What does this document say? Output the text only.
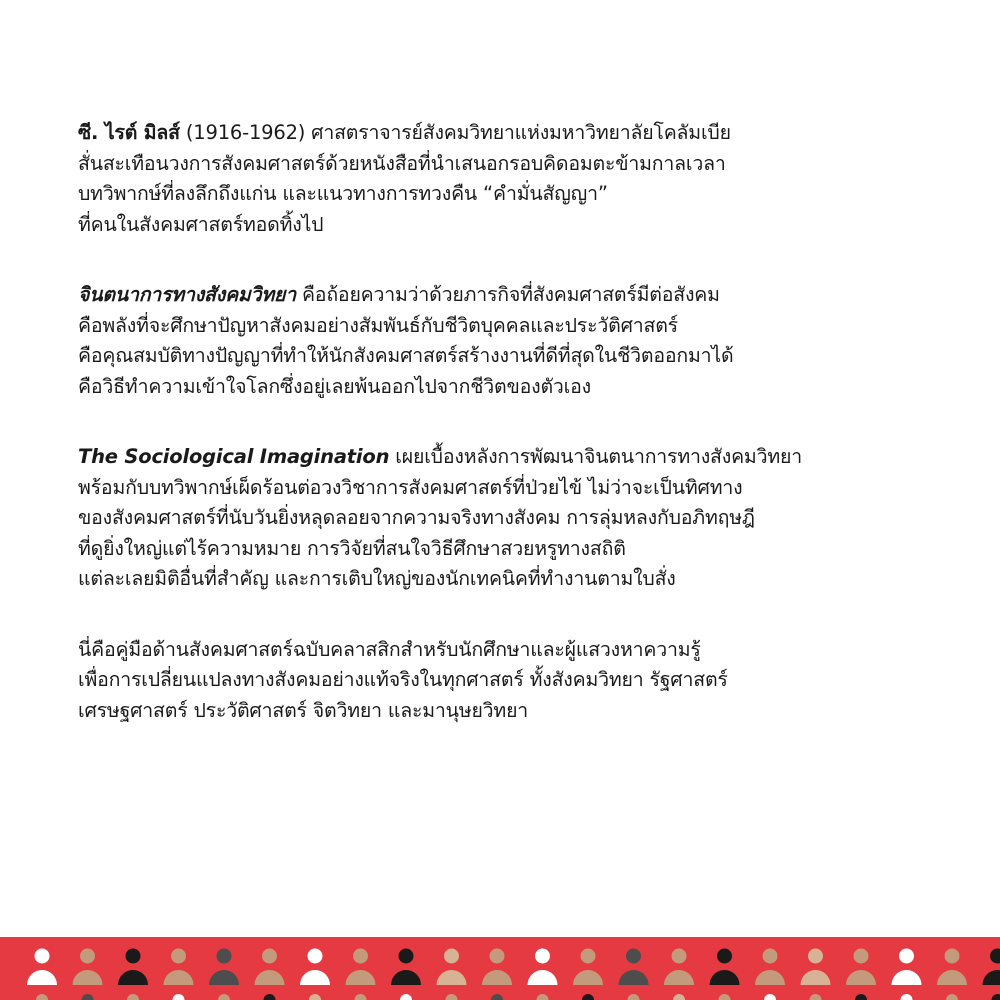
ซี. ไรต์ มิลส์ (1916-1962) ศาสตราจารย์สังคมวิทยาแห่งมหาวิทยาลัยโคลัมเบีย
สั่นสะเทือนวงการสังคมศาสตร์ด้วยหนังสือที่นำเสนอกรอบคิดอมตะข้ามกาลเวลา
บทวิพากษ์ที่ลงลึกถึงแก่น และแนวทางการทวงคืน “คำมั่นสัญญา”
ที่คนในสังคมศาสตร์ทอดทิ้งไป
จินตนาการทางสังคมวิทยา คือถ้อยความว่าด้วยภารกิจที่สังคมศาสตร์มีต่อสังคม
คือพลังที่จะศึกษาปัญหาสังคมอย่างสัมพันธ์กับชีวิตบุคคลและประวัติศาสตร์
คือคุณสมบัติทางปัญญาที่ทำให้นักสังคมศาสตร์สร้างงานที่ดีที่สุดในชีวิตออกมาได้
คือวิธีทำความเข้าใจโลกซึ่งอยู่เลยพ้นออกไปจากชีวิตของตัวเอง
The Sociological Imagination เผยเบื้องหลังการพัฒนาจินตนาการทางสังคมวิทยา
พร้อมกับบทวิพากษ์เผ็ดร้อนต่อวงวิชาการสังคมศาสตร์ที่ป่วยไข้ ไม่ว่าจะเป็นทิศทาง
ของสังคมศาสตร์ที่นับวันยิ่งหลุดลอยจากความจริงทางสังคม การลุ่มหลงกับอภิทฤษฎี
ที่ดูยิ่งใหญ่แต่ไร้ความหมาย การวิจัยที่สนใจวิธีศึกษาสวยหรูทางสถิติ
แต่ละเลยมิติอื่นที่สำคัญ และการเติบใหญ่ของนักเทคนิคที่ทำงานตามใบสั่ง
นี่คือคู่มือด้านสังคมศาสตร์ฉบับคลาสสิกสำหรับนักศึกษาและผู้แสวงหาความรู้
เพื่อการเปลี่ยนแปลงทางสังคมอย่างแท้จริงในทุกศาสตร์ ทั้งสังคมวิทยา รัฐศาสตร์
เศรษฐศาสตร์ ประวัติศาสตร์ จิตวิทยา และมานุษยวิทยา
